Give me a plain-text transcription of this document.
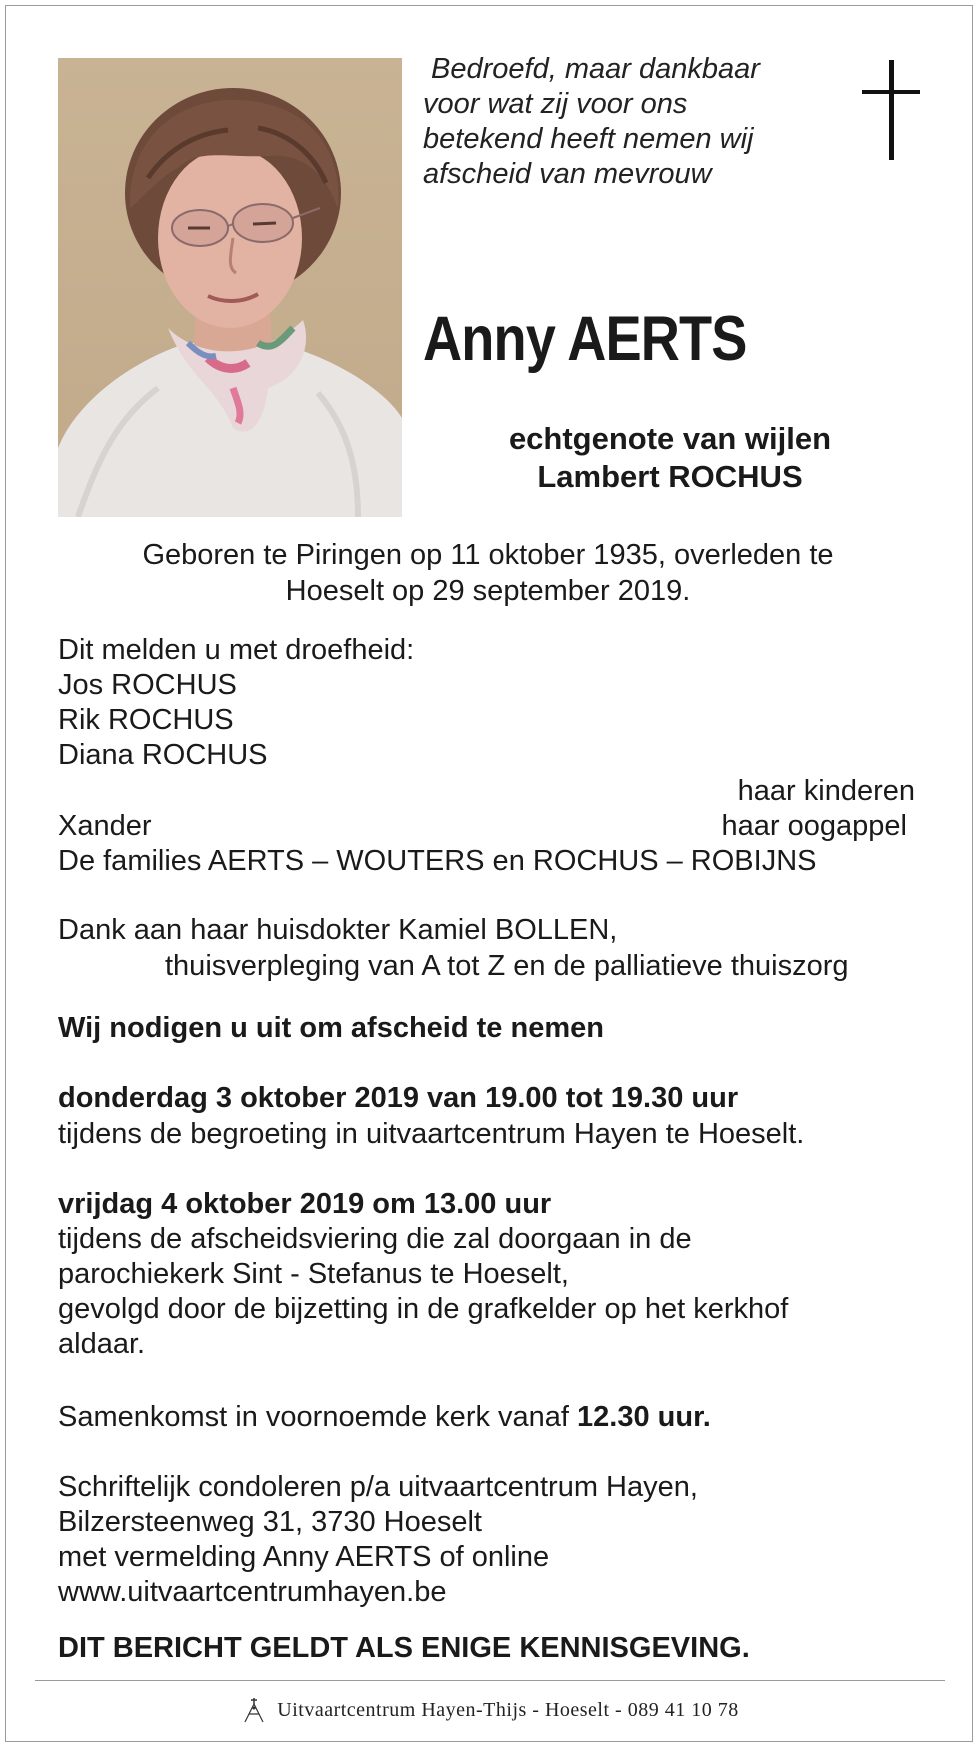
Bedroefd, maar dankbaar
voor wat zij voor ons
betekend heeft nemen wij
afscheid van mevrouw
Anny AERTS
echtgenote van wijlen
Lambert ROCHUS
Geboren te Piringen op 11 oktober 1935, overleden te
Hoeselt op 29 september 2019.
Dit melden u met droefheid:
Jos ROCHUS
Rik ROCHUS
Diana ROCHUS
haar kinderen
Xander	haar oogappel
De families AERTS – WOUTERS en ROCHUS – ROBIJNS
Dank aan haar huisdokter Kamiel BOLLEN,
thuisverpleging van A tot Z en de palliatieve thuiszorg
Wij nodigen u uit om afscheid te nemen
donderdag 3 oktober 2019 van 19.00 tot 19.30 uur
tijdens de begroeting in uitvaartcentrum Hayen te Hoeselt.
vrijdag 4 oktober 2019 om 13.00 uur
tijdens de afscheidsviering die zal doorgaan in de
parochiekerk Sint - Stefanus te Hoeselt,
gevolgd door de bijzetting in de grafkelder op het kerkhof
aldaar.
Samenkomst in voornoemde kerk vanaf 12.30 uur.
Schriftelijk condoleren p/a uitvaartcentrum Hayen,
Bilzersteenweg 31, 3730 Hoeselt
met vermelding Anny AERTS of online
www.uitvaartcentrumhayen.be
DIT BERICHT GELDT ALS ENIGE KENNISGEVING.
Uitvaartcentrum Hayen-Thijs - Hoeselt - 089 41 10 78
